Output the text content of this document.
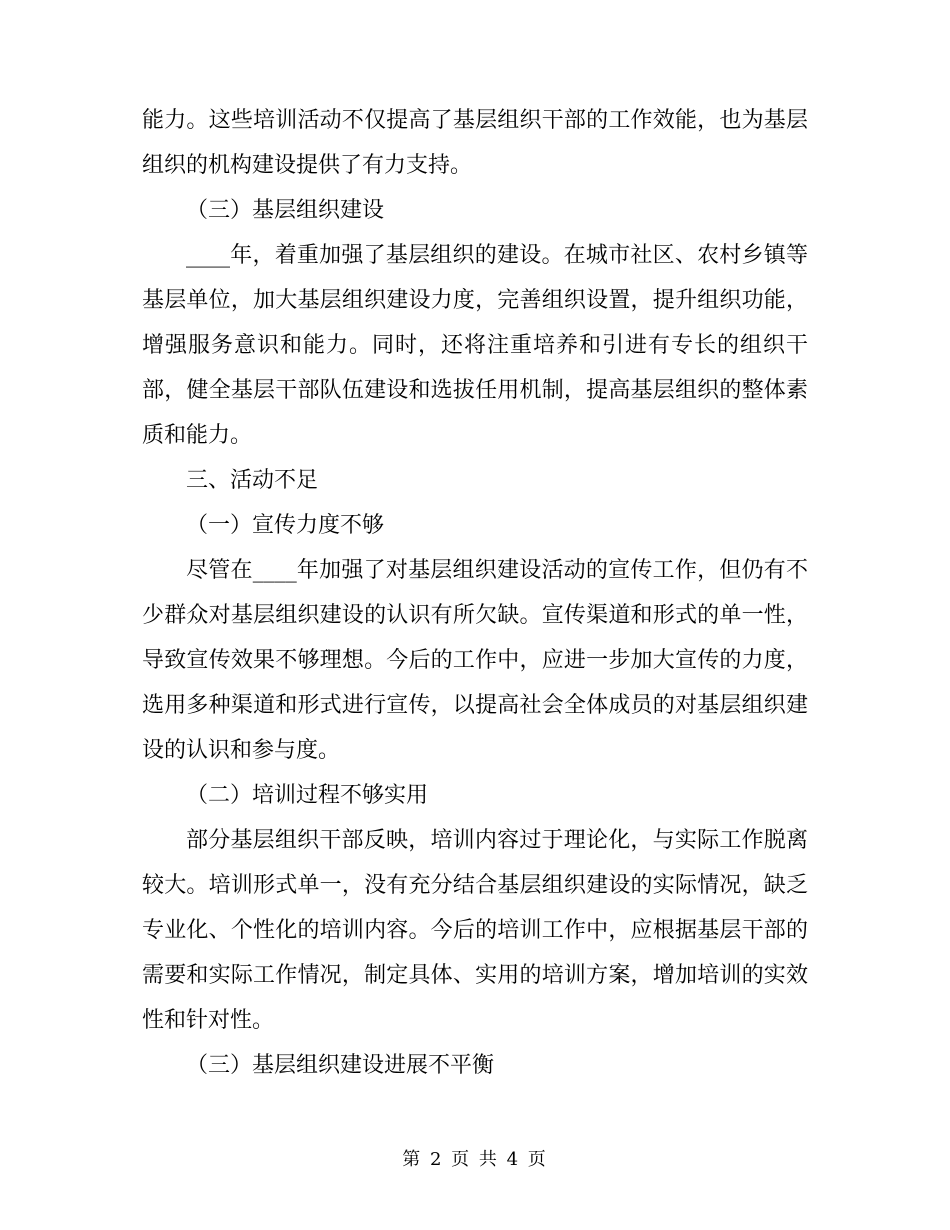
能力。这些培训活动不仅提高了基层组织干部的工作效能，也为基层组织的机构建设提供了有力支持。

（三）基层组织建设

____年，着重加强了基层组织的建设。在城市社区、农村乡镇等基层单位，加大基层组织建设力度，完善组织设置，提升组织功能，增强服务意识和能力。同时，还将注重培养和引进有专长的组织干部，健全基层干部队伍建设和选拔任用机制，提高基层组织的整体素质和能力。

三、活动不足

（一）宣传力度不够

尽管在____年加强了对基层组织建设活动的宣传工作，但仍有不少群众对基层组织建设的认识有所欠缺。宣传渠道和形式的单一性，导致宣传效果不够理想。今后的工作中，应进一步加大宣传的力度，选用多种渠道和形式进行宣传，以提高社会全体成员的对基层组织建设的认识和参与度。

（二）培训过程不够实用

部分基层组织干部反映，培训内容过于理论化，与实际工作脱离较大。培训形式单一，没有充分结合基层组织建设的实际情况，缺乏专业化、个性化的培训内容。今后的培训工作中，应根据基层干部的需要和实际工作情况，制定具体、实用的培训方案，增加培训的实效性和针对性。

（三）基层组织建设进展不平衡

第 2 页 共 4 页
